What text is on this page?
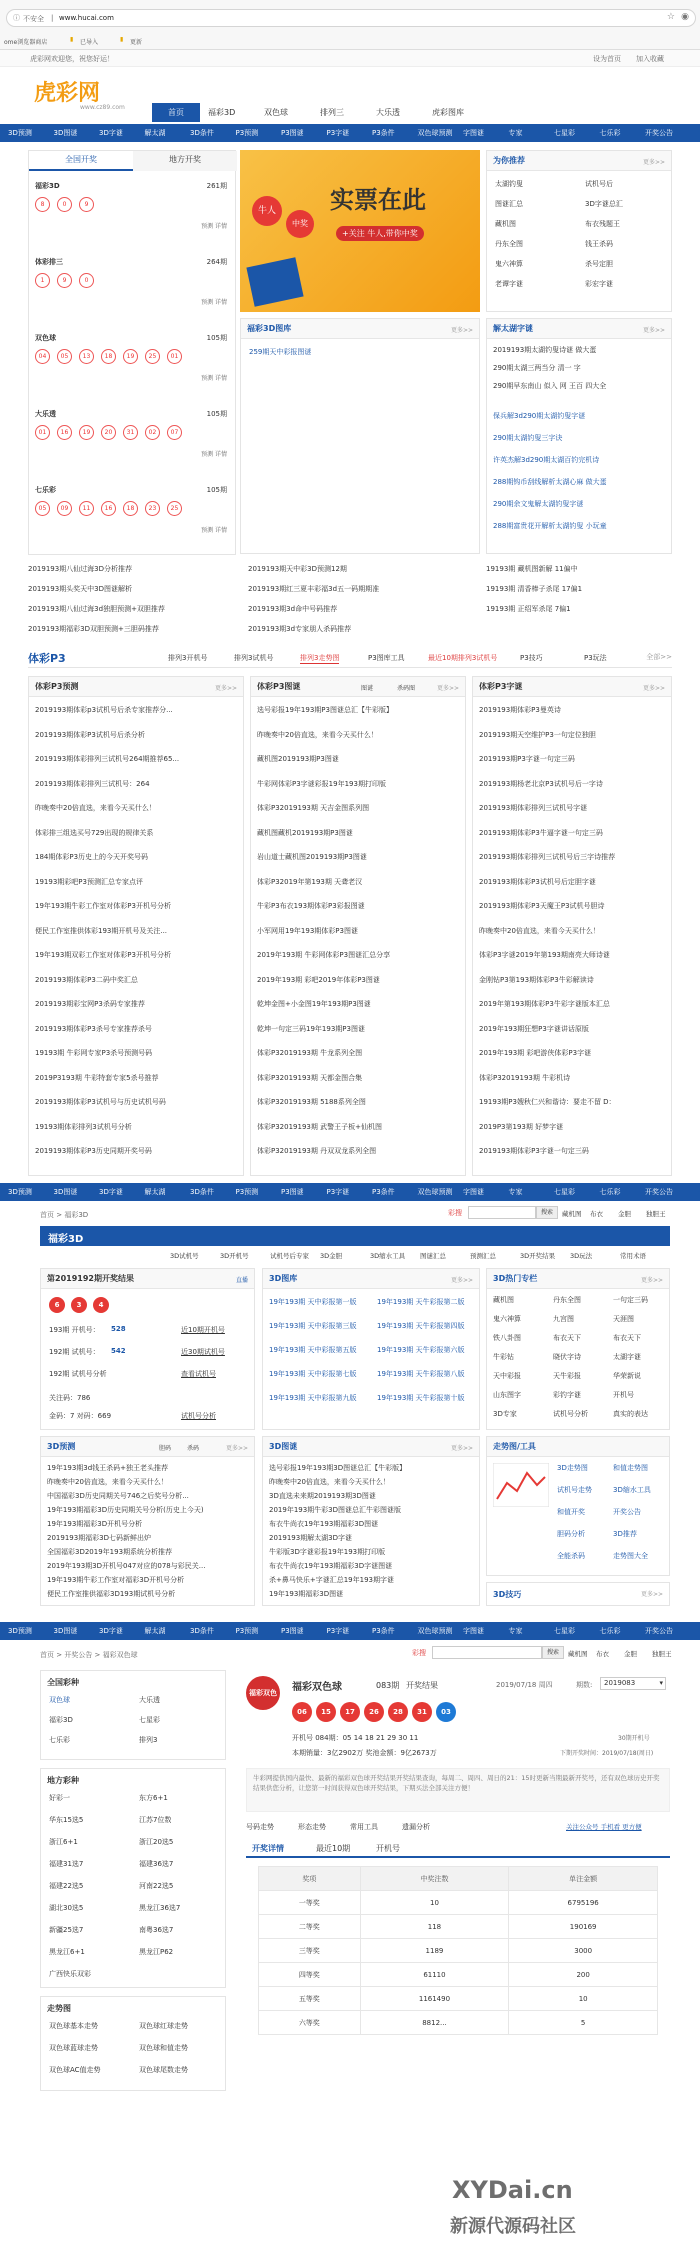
ⓘ 不安全 | www.hucai.com	☆ ◉
ome浏览器商店	▮ 已导入	▮ 更新
虎彩网欢迎您，祝您好运！	设为首页 加入收藏
虎彩网
www.cz89.com
首页	福彩3D	双色球	排列三	大乐透	虎彩图库
3D预测	3D图谜	3D字谜	解太湖	3D条件	P3预测	P3图谜	P3字谜	P3条件	双色球预测 字图谜	专家	七星彩	七乐彩	开奖公告
全国开奖	地方开奖
福彩3D	261期
8	0	9
预测 详情
体彩排三	264期
1	9	0
预测 详情
双色球	105期
04	05	13	18	19	25	01
预测 详情
大乐透	105期
01	16	19	20	31	02	07
预测 详情
七乐彩	105期
05	09	11	16	18	23	25
预测 详情
牛人
中奖
实票在此
+关注 牛人,带你中奖
为你推荐	更多>>
太湖钓叟	试机号后
图谜汇总	3D字谜总汇
藏机图	布衣残题王
丹东全图	钱王杀码
鬼六神算	杀号定胆
老谭字谜	彩宏字谜
福彩3D图库	更多>>
259期天中彩报图谜
解太湖字谜	更多>>
2019193期太湖钓叟诗谜 做大蛋
290期太湖三两当分 清一 字
290期早东南山 似入 网 王百 四大全
保兵解3d290期太湖钓叟字谜
290期太湖钓叟三字诀
许英杰解3d290期太湖百钓完机诗
288期钩币刮线解析太湖心麻 做大蛋
290期余文鬼解太湖钓叟字谜
288期富贵花开解析太湖钓叟 小玩童
2019193期八仙过海3D分析推荐
2019193期头奖天中3D图谜解析
2019193期八仙过海3d独胆预测+双胆推荐
2019193期福彩3D双胆预测+三胆码推荐
2019193期天中彩3D预测12期
2019193期红三夏丰彩福3d五一码期期准
2019193期3d命中号码推荐
2019193期3d专家朋人杀码推荐
19193期 藏机图新解 11偏中
19193期 清香棒子杀尾 17偏1
19193期 正绍军杀尾 7偏1
体彩P3	排列3开机号	排列3试机号	排列3走势图	P3图库工具	最近10期排列3试机号	P3技巧	P3玩法	全部>>
体彩P3预测	更多>>
2019193期体彩p3试机号后杀专家推荐分...
2019193期体彩P3试机号后杀分析
2019193期体彩排列三试机号264期推荐65...
2019193期体彩排列三试机号：264
昨晚奏中20倍直选，来看今天买什么！
体彩排三组选买号729出现的规律关系
184期体彩P3历史上的今天开奖号码
19193期彩吧P3预测汇总专家点评
19年193期牛彩工作室对体彩P3开机号分析
便民工作室推供体彩193期开机号及关注...
19年193期双彩工作室对体彩P3开机号分析
2019193期体彩P3二码中奖汇总
2019193期彩宝网P3杀码专家推荐
2019193期体彩P3杀号专家推荐杀号
19193期 牛彩网专家P3杀号预测号码
2019P3193期 牛彩特套专家5杀号推荐
2019193期体彩P3试机号与历史试机号码
19193期体彩排列3试机号分析
2019193期体彩P3历史同期开奖号码
体彩P3图谜	图谜	杀码图	更多>>
选号彩报19年193期P3图谜总汇【牛彩版】
昨晚奏中20倍直选，来看今天买什么！
藏机图2019193期P3图谜
牛彩网体彩P3字谜彩报19年193期打印版
体彩P32019193期 天吉金图系列图
藏机图藏机2019193期P3图谜
岩山道士藏机图2019193期P3图谜
体彩P32019年第193期 天聋老汉
牛彩P3布衣193期体彩P3彩报图谜
小军网用19年193期体彩P3图谜
2019年193期 牛彩网体彩P3图谜汇总分享
2019年193期 彩吧2019年体彩P3图谜
乾坤金图+小金图19年193期P3图谜
乾坤一句定三码19年193期P3图谜
体彩P32019193期 牛龙系列全图
体彩P32019193期 天都金图合集
体彩P32019193期 5188系列全图
体彩P32019193期 武警王子板+仙机图
体彩P32019193期 丹双双龙系列全图
体彩P3字谜	更多>>
2019193期体彩P3曼英诗
2019193期天空维护P3一句定位独胆
2019193期P3字谜一句定三码
2019193期杨老北京P3试机号后一字诗
2019193期体彩排列三试机号字谜
2019193期体彩P3牛逼字谜一句定三码
2019193期体彩排列三试机号后三字诗推荐
2019193期体彩P3试机号后定胆字谜
2019193期体彩P3天魔王P3试机号胆诗
昨晚奏中20倍直选，来看今天买什么！
体彩P3字谜2019年第193期南亮大师诗谜
金刚钻P3第193期体彩P3牛彩解读诗
2019年第193期体彩P3牛彩字谜版本汇总
2019年193期狂想P3字谜讲话原版
2019年193期 彩吧游侠体彩P3字谜
体彩P32019193期 牛彩机诗
19193期P3嫂秋仁兴和谐诗：要走不留 D：
2019P3第193期 好梦字谜
2019193期体彩P3字谜一句定三码
3D预测	3D图谜	3D字谜	解太湖	3D条件	P3预测	P3图谜	P3字谜	P3条件	双色球预测 字图谜	专家	七星彩	七乐彩	开奖公告
首页 > 福彩3D	彩搜	搜索	藏机图 布衣 金胆 独胆王
福彩3D
3D试机号	3D开机号	试机号后专家 3D金胆	3D缩水工具 图谜汇总	预测汇总	3D开奖结果 3D玩法	常用术语
第2019192期开奖结果	直播
6	3	4
193期 开机号： 528	近10期开机号
192期 试机号： 542	近30期试机号
192期 试机号分析	查看试机号
关注码：786
金码：7 对码：669	试机号分析
3D图库	更多>>
19年193期 天中彩报第一版	19年193期 天牛彩报第二版
19年193期 天中彩报第三版	19年193期 天牛彩报第四版
19年193期 天中彩报第五版	19年193期 天牛彩报第六版
19年193期 天中彩报第七版	19年193期 天牛彩报第八版
19年193期 天中彩报第九版	19年193期 天牛彩报第十版
3D热门专栏	更多>>
藏机图	丹东全图	一句定三码
鬼六神算	九宫图	天涯图
铁八卦图	布衣天下	布衣天下
牛彩钻	晓伏字诗	太湖字谜
天中彩报	天牛彩报	华荣新说
山东图字	彩钓字谜	开机号
3D专家	试机号分析	真实的表达
3D预测	胆码	杀码	更多>>
19年193期3d钱王杀码+独王老头推荐
昨晚奏中20倍直选，来看今天买什么！
中国福彩3D历史同期关号746之后奖号分析...
19年193期福彩3D历史同期关号分析(历史上今天)
19年193期福彩3D开机号分析
2019193期福彩3D七码新鲜出炉
全国福彩3D2019年193期系统分析推荐
2019年193期3D开机号047对应的078与彩民关...
19年193期牛彩工作室对福彩3D开机号分析
便民工作室推供福彩3D193期试机号分析
3D图谜	更多>>
选号彩报19年193期3D图谜总汇【牛彩版】
昨晚奏中20倍直选，来看今天买什么！
3D直选未来期2019193期3D图谜
2019年193期牛彩3D图谜总汇牛彩图谜版
布衣牛尚衣19年193期福彩3D图谜
2019193期解太湖3D字谜
牛彩版3D字谜彩报19年193期打印版
布衣牛尚衣19年193期福彩3D字谜图谜
杀+鼻马快乐+字谜汇总19年193期字谜
19年193期福彩3D图谜
走势图/工具
3D走势图	和值走势图
试机号走势	3D缩水工具
和值开奖	开奖公告
胆码分析	3D推荐
全能杀码	走势图大全
3D技巧	更多>>
3D预测	3D图谜	3D字谜	解太湖	3D条件	P3预测	P3图谜	P3字谜	P3条件	双色球预测 字图谜	专家	七星彩	七乐彩	开奖公告
首页 > 开奖公告 > 福彩双色球	彩搜	搜索	藏机图 布衣 金胆 独胆王
全国彩种
双色球	大乐透
福彩3D	七星彩
七乐彩	排列3
地方彩种
好彩一	东方6+1
华东15选5	江苏7位数
浙江6+1	浙江20选5
福建31选7	福建36选7
福建22选5	河南22选5
湖北30选5	黑龙江36选7
新疆25选7	南粤36选7
黑龙江6+1	黑龙江P62
广西快乐双彩
走势图
双色球基本走势	双色球红球走势
双色球蓝球走势	双色球和值走势
双色球AC值走势	双色球尾数走势
福彩双色球
福彩双色球	083期 开奖结果	2019/07/18 周四	期数:	2019083	▾
06	15	17	26	28	31	03
开机号 084期：05 14 18 21 29 30 11	30期开机号
本期销量：3亿2902万 奖池金额：9亿2673万	下期开奖时间：2019/07/18(周日)
牛彩网提供国内最快、最新的福彩双色球开奖结果开奖结果查询，每周二、周四、周日的21：15时更新当期最新开奖号，还有双色球历史开奖结果供您分析，让您第一时间获得双色球开奖结果，下期买法全部关注方便！
号码走势	形态走势	常用工具	遗漏分析	关注公众号 手机看 更方便
开奖详情	最近10期	开机号
奖项	中奖注数	单注金额
一等奖	10	6795196
二等奖	118	190169
三等奖	1189	3000
四等奖	61110	200
五等奖	1161490	10
六等奖	8812...	5
XYDai.cn
新源代源码社区
